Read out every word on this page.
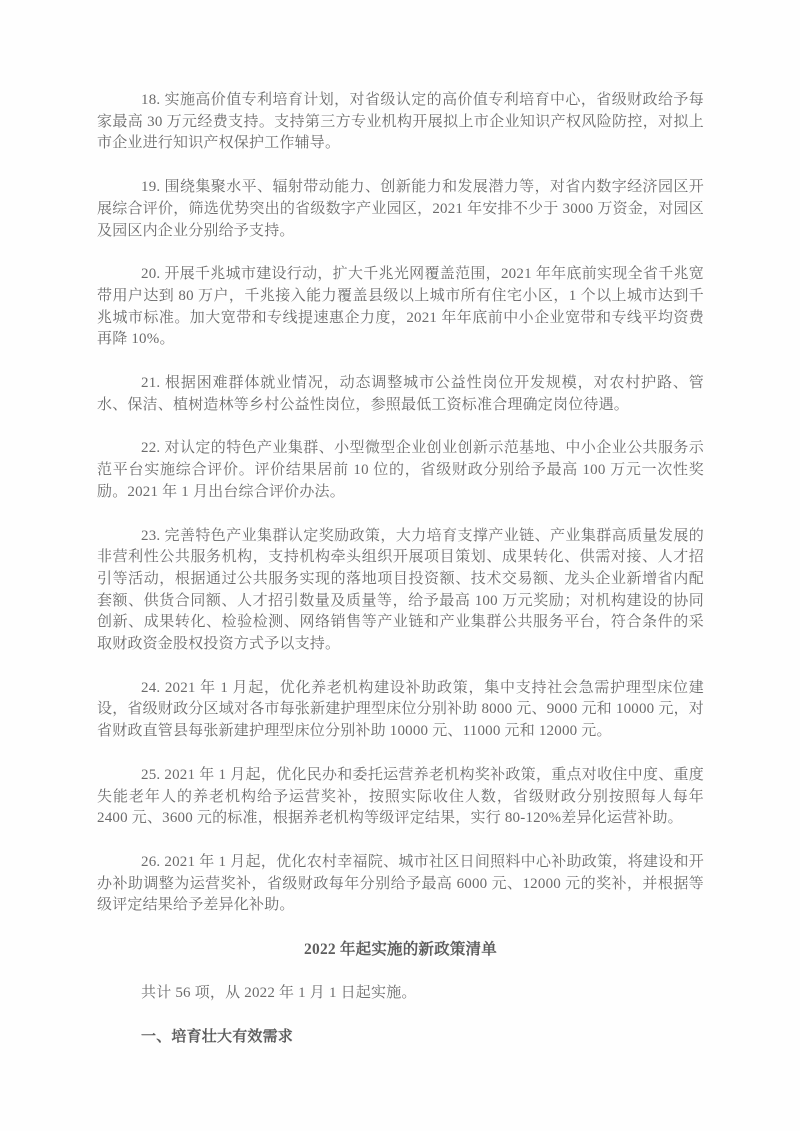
18. 实施高价值专利培育计划，对省级认定的高价值专利培育中心，省级财政给予每家最高 30 万元经费支持。支持第三方专业机构开展拟上市企业知识产权风险防控，对拟上市企业进行知识产权保护工作辅导。

19. 围绕集聚水平、辐射带动能力、创新能力和发展潜力等，对省内数字经济园区开展综合评价，筛选优势突出的省级数字产业园区，2021 年安排不少于 3000 万资金，对园区及园区内企业分别给予支持。

20. 开展千兆城市建设行动，扩大千兆光网覆盖范围，2021 年年底前实现全省千兆宽带用户达到 80 万户，千兆接入能力覆盖县级以上城市所有住宅小区，1 个以上城市达到千兆城市标准。加大宽带和专线提速惠企力度，2021 年年底前中小企业宽带和专线平均资费再降 10%。

21. 根据困难群体就业情况，动态调整城市公益性岗位开发规模，对农村护路、管水、保洁、植树造林等乡村公益性岗位，参照最低工资标准合理确定岗位待遇。

22. 对认定的特色产业集群、小型微型企业创业创新示范基地、中小企业公共服务示范平台实施综合评价。评价结果居前 10 位的，省级财政分别给予最高 100 万元一次性奖励。2021 年 1 月出台综合评价办法。

23. 完善特色产业集群认定奖励政策，大力培育支撑产业链、产业集群高质量发展的非营利性公共服务机构，支持机构牵头组织开展项目策划、成果转化、供需对接、人才招引等活动，根据通过公共服务实现的落地项目投资额、技术交易额、龙头企业新增省内配套额、供货合同额、人才招引数量及质量等，给予最高 100 万元奖励；对机构建设的协同创新、成果转化、检验检测、网络销售等产业链和产业集群公共服务平台，符合条件的采取财政资金股权投资方式予以支持。

24. 2021 年 1 月起，优化养老机构建设补助政策，集中支持社会急需护理型床位建设，省级财政分区域对各市每张新建护理型床位分别补助 8000 元、9000 元和 10000 元，对省财政直管县每张新建护理型床位分别补助 10000 元、11000 元和 12000 元。

25. 2021 年 1 月起，优化民办和委托运营养老机构奖补政策，重点对收住中度、重度失能老年人的养老机构给予运营奖补，按照实际收住人数，省级财政分别按照每人每年 2400 元、3600 元的标准，根据养老机构等级评定结果，实行 80-120%差异化运营补助。

26. 2021 年 1 月起，优化农村幸福院、城市社区日间照料中心补助政策，将建设和开办补助调整为运营奖补，省级财政每年分别给予最高 6000 元、12000 元的奖补，并根据等级评定结果给予差异化补助。

2022 年起实施的新政策清单

共计 56 项，从 2022 年 1 月 1 日起实施。

一、培育壮大有效需求
